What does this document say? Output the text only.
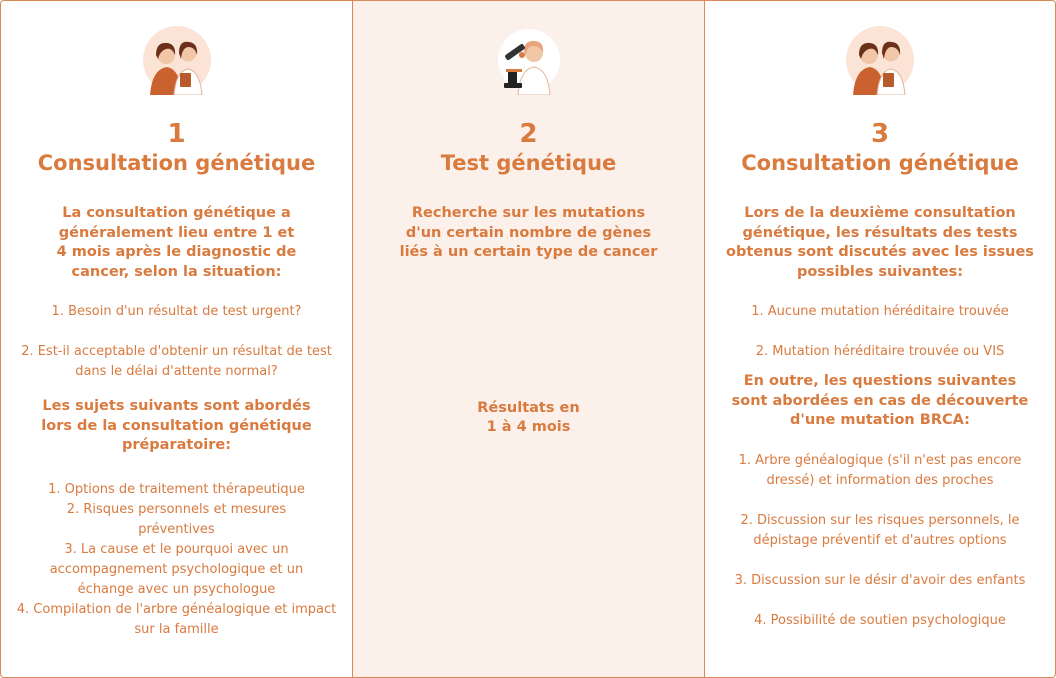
1
Consultation génétique
La consultation génétique a généralement lieu entre 1 et 4 mois après le diagnostic de cancer, selon la situation:
1. Besoin d'un résultat de test urgent?
2. Est-il acceptable d'obtenir un résultat de test dans le délai d'attente normal?
Les sujets suivants sont abordés lors de la consultation génétique préparatoire:
1. Options de traitement thérapeutique
2. Risques personnels et mesures préventives
3. La cause et le pourquoi avec un accompagnement psychologique et un échange avec un psychologue
4. Compilation de l'arbre généalogique et impact sur la famille
2
Test génétique
Recherche sur les mutations d'un certain nombre de gènes liés à un certain type de cancer
Résultats en 1 à 4 mois
3
Consultation génétique
Lors de la deuxième consultation génétique, les résultats des tests obtenus sont discutés avec les issues possibles suivantes:
1. Aucune mutation héréditaire trouvée
2. Mutation héréditaire trouvée ou VIS
En outre, les questions suivantes sont abordées en cas de découverte d'une mutation BRCA:
1. Arbre généalogique (s'il n'est pas encore dressé) et information des proches
2. Discussion sur les risques personnels, le dépistage préventif et d'autres options
3. Discussion sur le désir d'avoir des enfants
4. Possibilité de soutien psychologique
